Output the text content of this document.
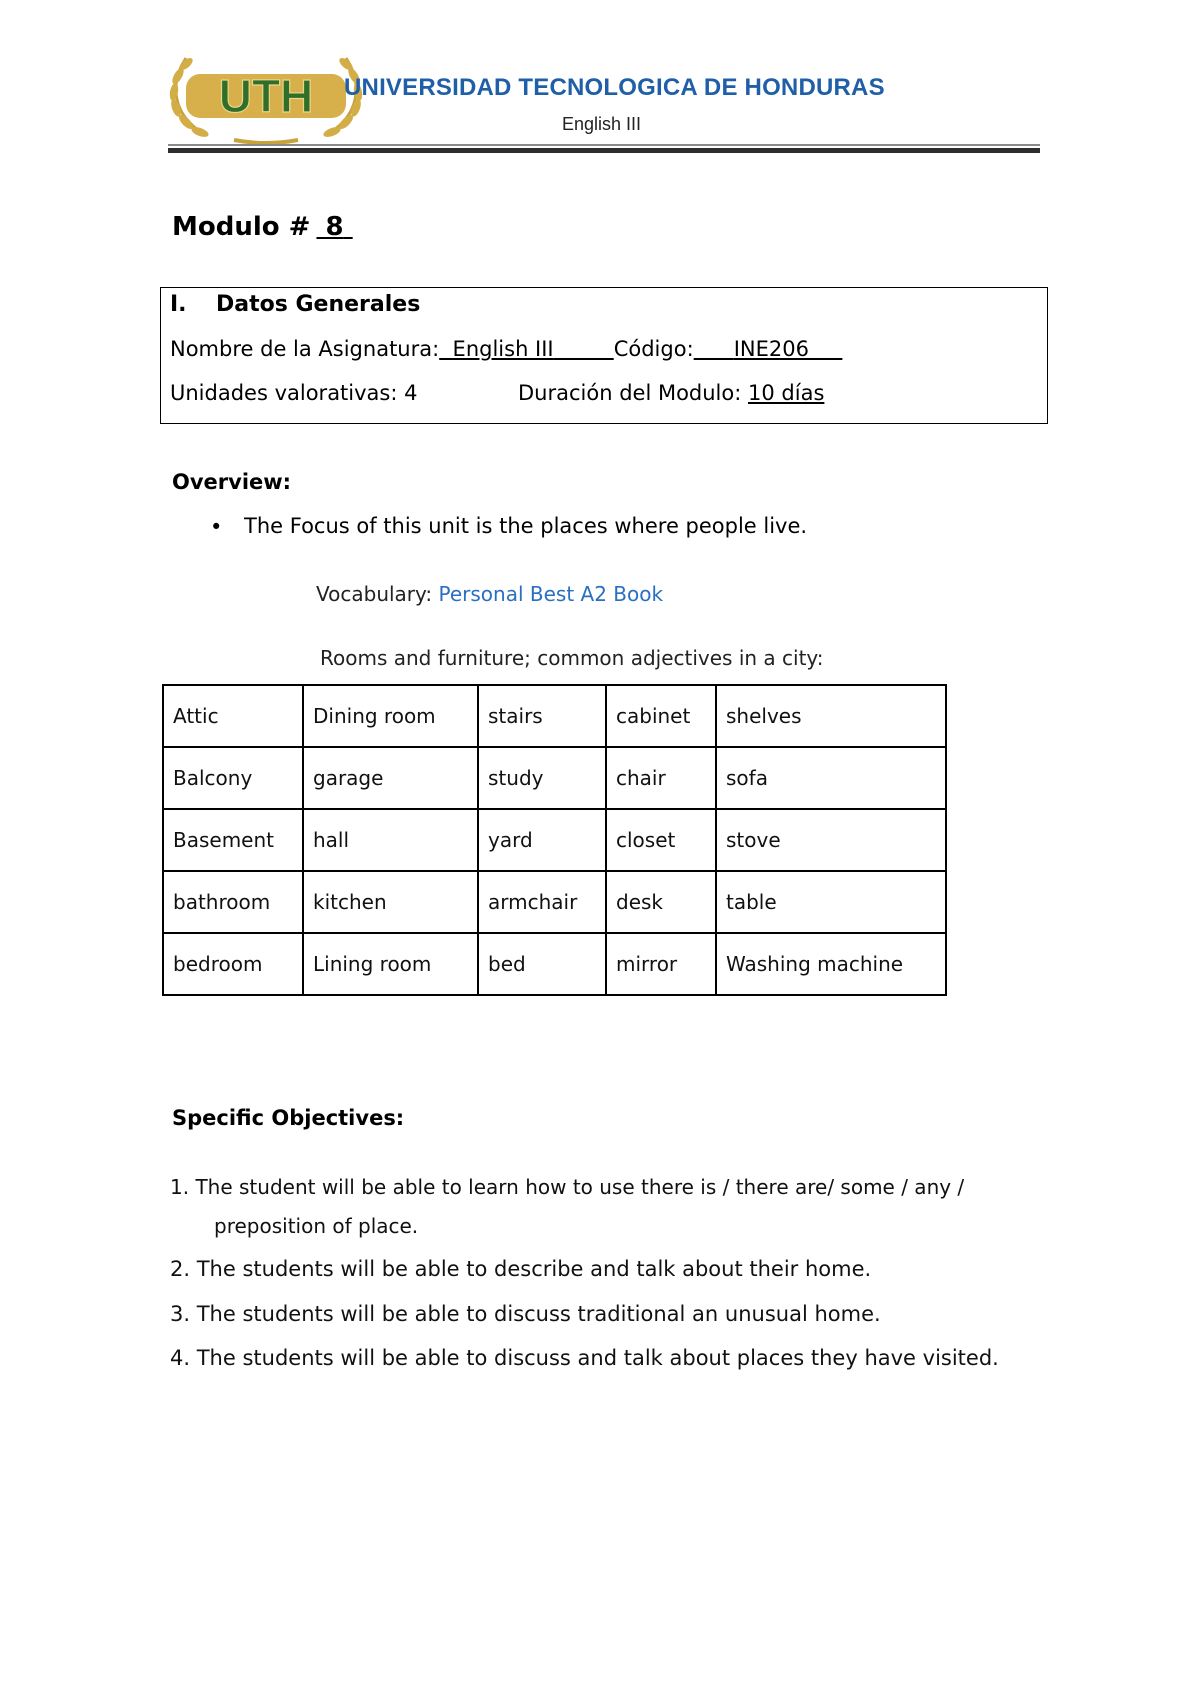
UTH UNIVERSIDAD TECNOLOGICA DE HONDURAS
English III
Modulo # 8
I. Datos Generales
Nombre de la Asignatura: English III	Código: INE206
Unidades valorativas: 4	Duración del Modulo: 10 días
Overview:
• The Focus of this unit is the places where people live.
Vocabulary: Personal Best A2 Book
Rooms and furniture; common adjectives in a city:
Attic	Dining room	stairs	cabinet	shelves
Balcony	garage	study	chair	sofa
Basement	hall	yard	closet	stove
bathroom	kitchen	armchair	desk	table
bedroom	Lining room	bed	mirror	Washing machine
Specific Objectives:
1. The student will be able to learn how to use there is / there are/ some / any /
preposition of place.
2. The students will be able to describe and talk about their home.
3. The students will be able to discuss traditional an unusual home.
4. The students will be able to discuss and talk about places they have visited.
